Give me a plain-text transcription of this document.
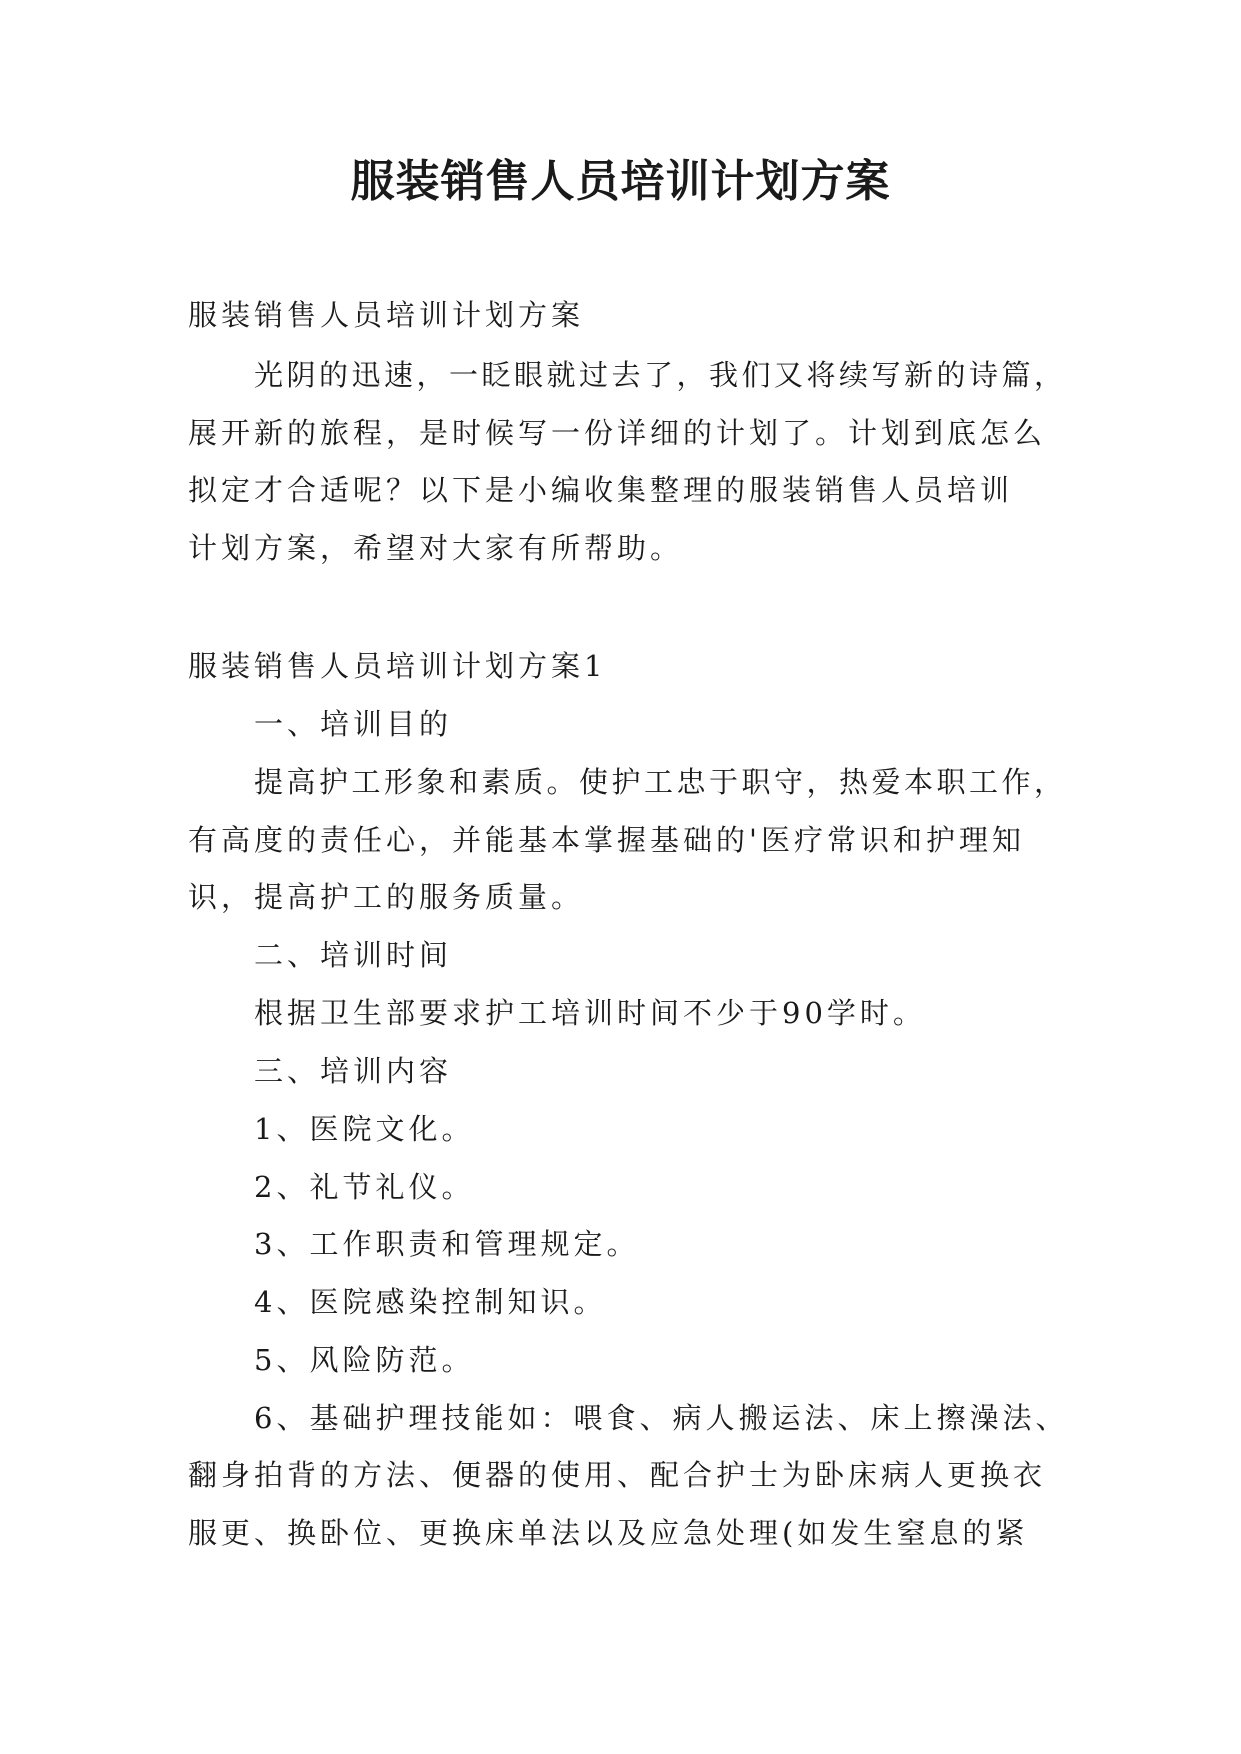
服装销售人员培训计划方案
服装销售人员培训计划方案
光阴的迅速，一眨眼就过去了，我们又将续写新的诗篇，
展开新的旅程，是时候写一份详细的计划了。计划到底怎么
拟定才合适呢？以下是小编收集整理的服装销售人员培训
计划方案，希望对大家有所帮助。
服装销售人员培训计划方案1
一、培训目的
提高护工形象和素质。使护工忠于职守，热爱本职工作，
有高度的责任心，并能基本掌握基础的'医疗常识和护理知
识，提高护工的服务质量。
二、培训时间
根据卫生部要求护工培训时间不少于90学时。
三、培训内容
1、医院文化。
2、礼节礼仪。
3、工作职责和管理规定。
4、医院感染控制知识。
5、风险防范。
6、基础护理技能如：喂食、病人搬运法、床上擦澡法、
翻身拍背的方法、便器的使用、配合护士为卧床病人更换衣
服更、换卧位、更换床单法以及应急处理(如发生窒息的紧
